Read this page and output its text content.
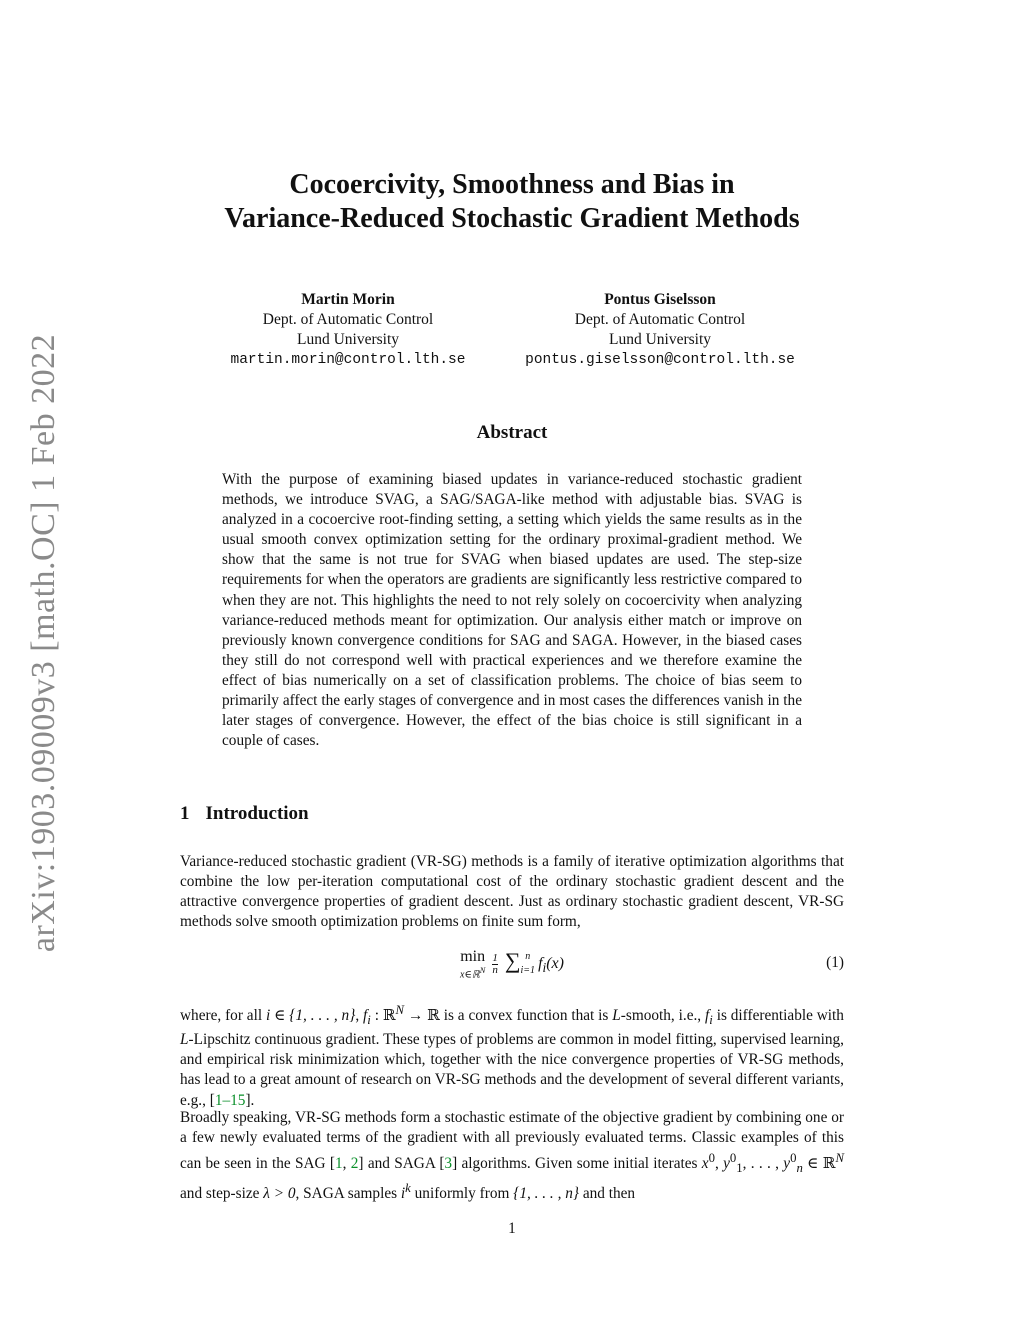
arXiv:1903.09009v3 [math.OC] 1 Feb 2022
Cocoercivity, Smoothness and Bias in
Variance-Reduced Stochastic Gradient Methods
Martin Morin
Dept. of Automatic Control
Lund University
martin.morin@control.lth.se
Pontus Giselsson
Dept. of Automatic Control
Lund University
pontus.giselsson@control.lth.se
Abstract
With the purpose of examining biased updates in variance-reduced stochastic gradient methods, we introduce SVAG, a SAG/SAGA-like method with adjustable bias. SVAG is analyzed in a cocoercive root-finding setting, a setting which yields the same results as in the usual smooth convex optimization setting for the ordinary proximal-gradient method. We show that the same is not true for SVAG when biased updates are used. The step-size requirements for when the operators are gradients are significantly less restrictive compared to when they are not. This highlights the need to not rely solely on cocoercivity when analyzing variance-reduced methods meant for optimization. Our analysis either match or improve on previously known convergence conditions for SAG and SAGA. However, in the biased cases they still do not correspond well with practical experiences and we therefore examine the effect of bias numerically on a set of classification problems. The choice of bias seem to primarily affect the early stages of convergence and in most cases the differences vanish in the later stages of convergence. However, the effect of the bias choice is still significant in a couple of cases.
1 Introduction
Variance-reduced stochastic gradient (VR-SG) methods is a family of iterative optimization algorithms that combine the low per-iteration computational cost of the ordinary stochastic gradient descent and the attractive convergence properties of gradient descent. Just as ordinary stochastic gradient descent, VR-SG methods solve smooth optimization problems on finite sum form,
min
x∈ℝ$^N$
$\frac{1}{n}$ ∑ n
i=1 $f_i(x)$	(1)
where, for all i ∈ {1, . . . , n}, $f_i$ : ℝ$^N$ → ℝ is a convex function that is L-smooth, i.e., $f_i$ is differentiable with L-Lipschitz continuous gradient. These types of problems are common in model fitting, supervised learning, and empirical risk minimization which, together with the nice convergence properties of VR-SG methods, has lead to a great amount of research on VR-SG methods and the development of several different variants, e.g., [1–15].
Broadly speaking, VR-SG methods form a stochastic estimate of the objective gradient by combining one or a few newly evaluated terms of the gradient with all previously evaluated terms. Classic examples of this can be seen in the SAG [1, 2] and SAGA [3] algorithms. Given some initial iterates $x^0$, $y^0_1$, . . . , $y^0_n$ ∈ ℝ$^N$ and step-size λ > 0, SAGA samples $i^k$ uniformly from {1, . . . , n} and then
1
